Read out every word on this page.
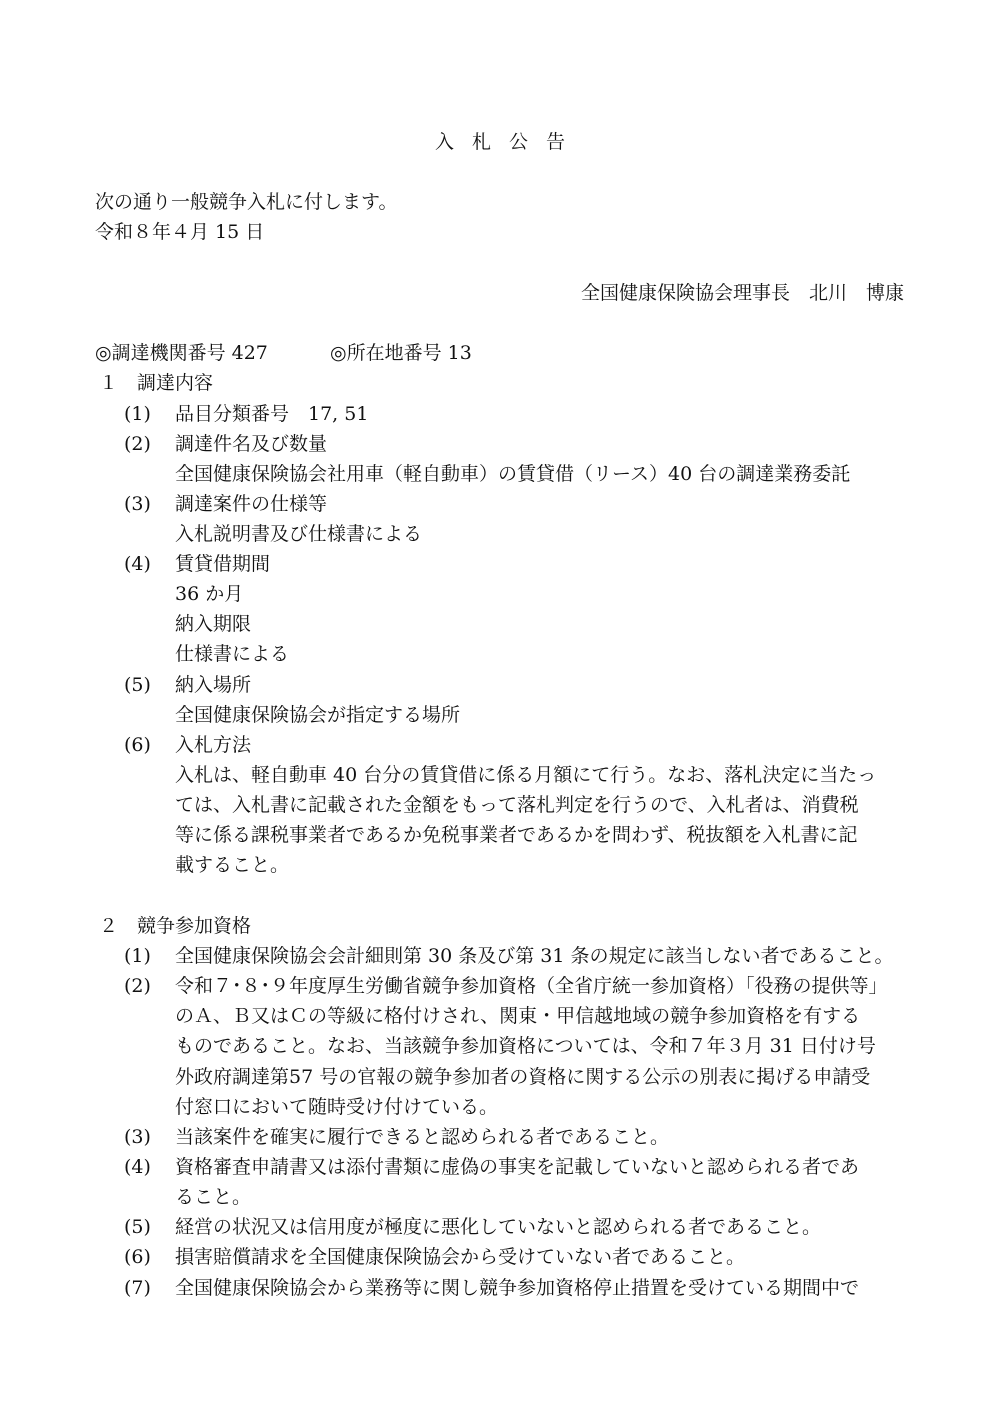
入札公告
次の通り一般競争入札に付します。
令和８年４月 15 日
全国健康保険協会理事長　北川　博康
◎調達機関番号 427	◎所在地番号 13
１ 調達内容
(1) 品目分類番号　17, 51
(2) 調達件名及び数量
全国健康保険協会社用車（軽自動車）の賃貸借（リース）40 台の調達業務委託
(3) 調達案件の仕様等
入札説明書及び仕様書による
(4) 賃貸借期間
36 か月
納入期限
仕様書による
(5) 納入場所
全国健康保険協会が指定する場所
(6) 入札方法
入札は、軽自動車 40 台分の賃貸借に係る月額にて行う。なお、落札決定に当たっ
ては、入札書に記載された金額をもって落札判定を行うので、入札者は、消費税
等に係る課税事業者であるか免税事業者であるかを問わず、税抜額を入札書に記
載すること。
２ 競争参加資格
(1) 全国健康保険協会会計細則第 30 条及び第 31 条の規定に該当しない者であること。
(2) 令和７･８･９年度厚生労働省競争参加資格（全省庁統一参加資格）「役務の提供等」
のＡ、Ｂ又はＣの等級に格付けされ、関東・甲信越地域の競争参加資格を有する
ものであること。なお、当該競争参加資格については、令和７年３月 31 日付け号
外政府調達第57 号の官報の競争参加者の資格に関する公示の別表に掲げる申請受
付窓口において随時受け付けている。
(3) 当該案件を確実に履行できると認められる者であること。
(4) 資格審査申請書又は添付書類に虚偽の事実を記載していないと認められる者であ
ること。
(5) 経営の状況又は信用度が極度に悪化していないと認められる者であること。
(6) 損害賠償請求を全国健康保険協会から受けていない者であること。
(7) 全国健康保険協会から業務等に関し競争参加資格停止措置を受けている期間中で
